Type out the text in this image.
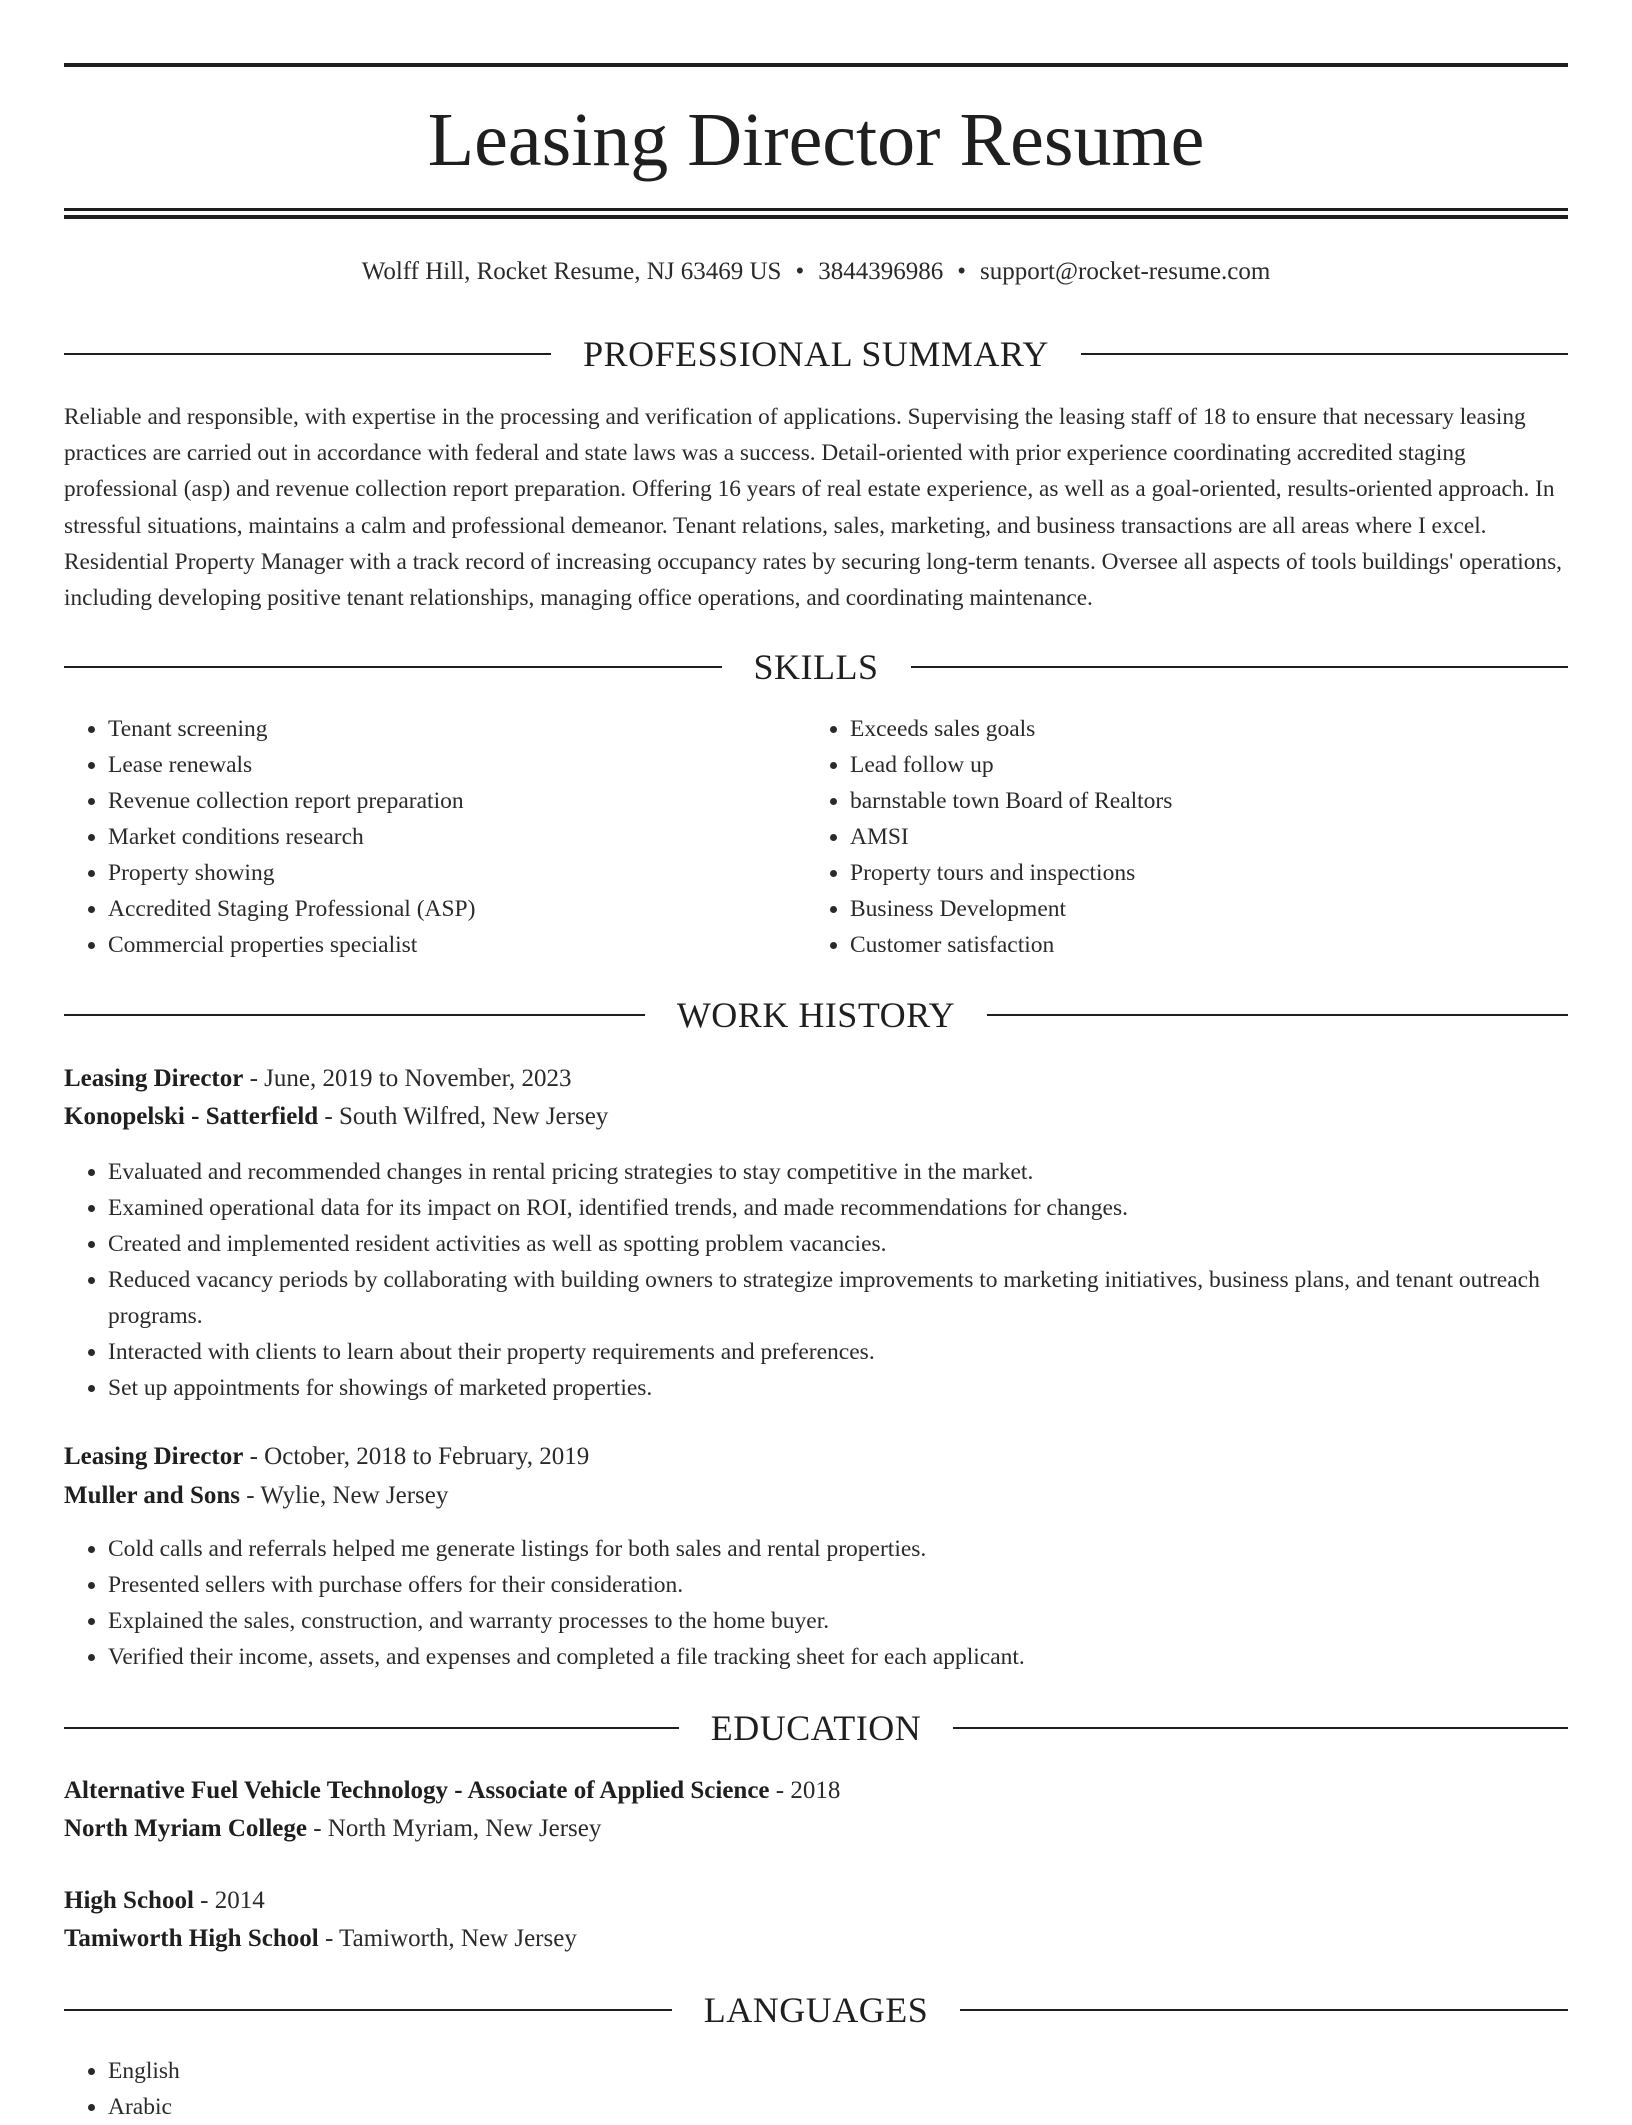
Leasing Director Resume
Wolff Hill, Rocket Resume, NJ 63469 US • 3844396986 • support@rocket-resume.com
PROFESSIONAL SUMMARY

Reliable and responsible, with expertise in the processing and verification of applications. Supervising the leasing staff of 18 to ensure that necessary leasing practices are carried out in accordance with federal and state laws was a success. Detail-oriented with prior experience coordinating accredited staging professional (asp) and revenue collection report preparation. Offering 16 years of real estate experience, as well as a goal-oriented, results-oriented approach. In stressful situations, maintains a calm and professional demeanor. Tenant relations, sales, marketing, and business transactions are all areas where I excel. Residential Property Manager with a track record of increasing occupancy rates by securing long-term tenants. Oversee all aspects of tools buildings' operations, including developing positive tenant relationships, managing office operations, and coordinating maintenance.

SKILLS
• Tenant screening
• Lease renewals
• Revenue collection report preparation
• Market conditions research
• Property showing
• Accredited Staging Professional (ASP)
• Commercial properties specialist
• Exceeds sales goals
• Lead follow up
• barnstable town Board of Realtors
• AMSI
• Property tours and inspections
• Business Development
• Customer satisfaction
WORK HISTORY
Leasing Director - June, 2019 to November, 2023
Konopelski - Satterfield - South Wilfred, New Jersey
• Evaluated and recommended changes in rental pricing strategies to stay competitive in the market.
• Examined operational data for its impact on ROI, identified trends, and made recommendations for changes.
• Created and implemented resident activities as well as spotting problem vacancies.
• Reduced vacancy periods by collaborating with building owners to strategize improvements to marketing initiatives, business plans, and tenant outreach programs.
• Interacted with clients to learn about their property requirements and preferences.
• Set up appointments for showings of marketed properties.
Leasing Director - October, 2018 to February, 2019
Muller and Sons - Wylie, New Jersey
• Cold calls and referrals helped me generate listings for both sales and rental properties.
• Presented sellers with purchase offers for their consideration.
• Explained the sales, construction, and warranty processes to the home buyer.
• Verified their income, assets, and expenses and completed a file tracking sheet for each applicant.
EDUCATION
Alternative Fuel Vehicle Technology - Associate of Applied Science - 2018
North Myriam College - North Myriam, New Jersey
High School - 2014
Tamiworth High School - Tamiworth, New Jersey
LANGUAGES
• English
• Arabic
